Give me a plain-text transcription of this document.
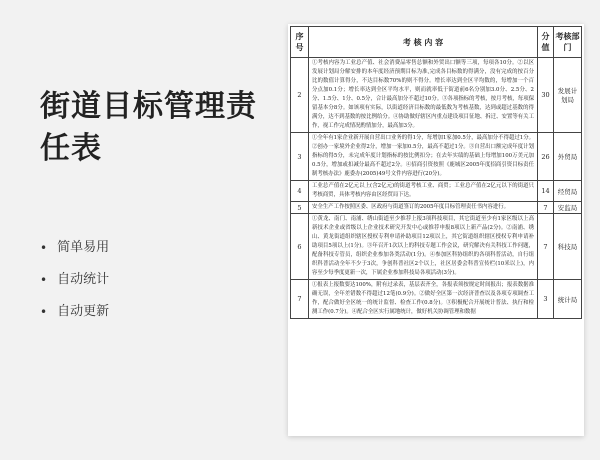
街道目标管理责任表
• 简单易用
• 自动统计
• 自动更新
序号	考 核 内 容	分值	考核部门
2	①考核内容为工业总产值、社会消费品零售总额和外贸出口额等三项，每项各10分。②以区发展计划局分解安排的本年度经济预期目标为准,完成各目标数的得满分，没有完成的按百分比的数值计算得分，不达目标数70%的则不得分。增长率达到全区平均数的，每增加一个百分点加0.1分；增长率达到全区平均水平，则而就率低于街道前6名分别加3.0分、2.5分、2分、1.5分、1分、0.5分，合计最高加分不超过10分。③各项指标的考核，按月考核，每项保留基本分8分。如该项有实际，以街道经济目标数的最低数为考核基数，达到或超过基数的得满分，达不到基数的按比例给分。④协助做好辖区内重点建设项目征地、拆迁、安置等有关工作，视工作完成情况酌情加分，最高加3分。	30	发展计划局
3	①全年有1家企业新开展自营出口业务的得1分，每增加1家加0.5分，最高加分不得超过1分。②创办一家境外企业得2分，增加一家加0.5分，最高不超过1分。③自营出口额完成年度计划指标的得5分，未完成年度计划指标的按比例扣分；在去年实绩的基础上每增加100万美元加0.5分，增加或扣减分最高不超过2分。④招商引资按照《鹿城区2005年度招商引资目标责任制考核办法》鹿委办(2005)49号文件内容进行(20分)。	26	外贸局
4	工业总产值在2亿元以上(含2亿元)的街道考核工业、商贸；工业总产值在2亿元以下的街道只考核商贸，具体考核内容由区经贸局下达。	14	经贸局
5	安全生产工作按照区委、区政府与街道签订的2005年度目标管理责任书内容进行。	7	安监局
6	①黄龙、南门、南浦、绣山街道至少推荐上报3项科技项目，其它街道至少有1家区级以上高新技术企业或省级以上企业技术研究开发中心或推荐申报8项以上新产品(2分)。②南浦、绣山、黄龙街道组织辖区授权专利申请补助项目12项以上，其它街道组织辖区授权专利申请补助项目5项以上(1分)。③年召开1次以上的科技专题工作会议，研究解决有关科技工作问题，配备科技专管员，组织企业参加各类活动(1分)。④参加区科协组织的各项科普活动，自行组织科普活动全年不少于3次，争创科普社区2个以上，社区居委会科普宣传栏(10米以上)，内容至少每季度更新一次，下属企业参加科技局各项活动(3分)。	7	科技局
7	①报表上报数要达100%，附有过录表，基层表齐全，各报表须按规定时间报出；报表数据准确无误，全年差错数不得超过12笔(0.9分)。②做好全区第一次经济普查以及各项专项调查工作，配合做好全区统一的统计监督、检查工作(0.8分)。③积极配合开展统计普法、执行和检测工作(0.7分)。④配合全区实行属地统计，做好机关协调管理和数据	3	统计局
